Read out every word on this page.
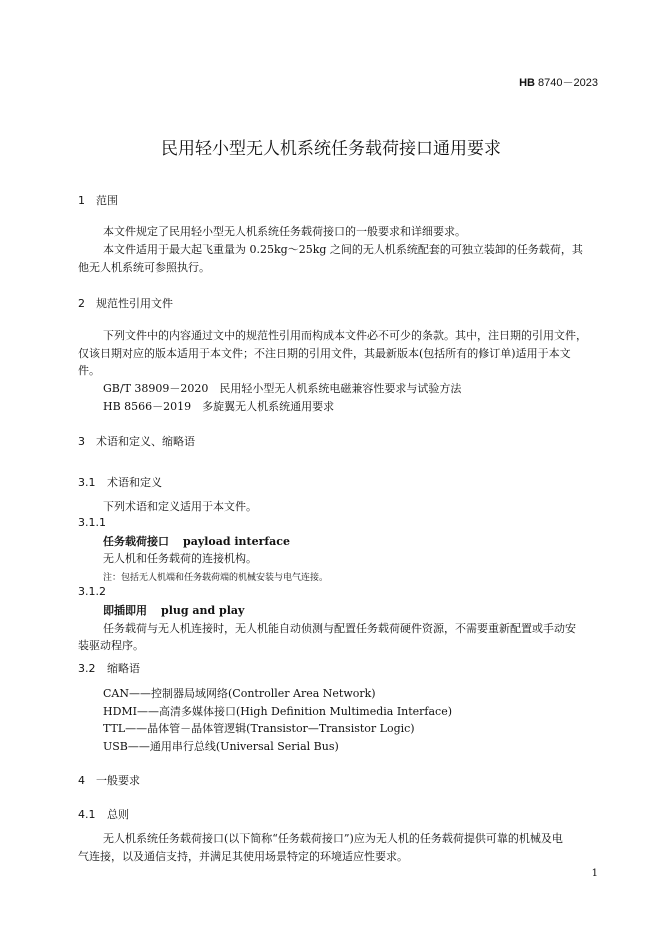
HB 8740－2023
民用轻小型无人机系统任务载荷接口通用要求
1 范围
本文件规定了民用轻小型无人机系统任务载荷接口的一般要求和详细要求。
本文件适用于最大起飞重量为 0.25kg～25kg 之间的无人机系统配套的可独立装卸的任务载荷，其
他无人机系统可参照执行。
2 规范性引用文件
下列文件中的内容通过文中的规范性引用而构成本文件必不可少的条款。其中，注日期的引用文件，
仅该日期对应的版本适用于本文件；不注日期的引用文件，其最新版本(包括所有的修订单)适用于本文
件。
GB/T 38909－2020　民用轻小型无人机系统电磁兼容性要求与试验方法
HB 8566－2019　多旋翼无人机系统通用要求
3 术语和定义、缩略语
3.1 术语和定义
下列术语和定义适用于本文件。
3.1.1
任务载荷接口 payload interface
无人机和任务载荷的连接机构。
注：包括无人机端和任务载荷端的机械安装与电气连接。
3.1.2
即插即用 plug and play
任务载荷与无人机连接时，无人机能自动侦测与配置任务载荷硬件资源，不需要重新配置或手动安
装驱动程序。
3.2 缩略语
CAN——控制器局域网络(Controller Area Network)
HDMI——高清多媒体接口(High Definition Multimedia Interface)
TTL——晶体管－晶体管逻辑(Transistor—Transistor Logic)
USB——通用串行总线(Universal Serial Bus)
4 一般要求
4.1 总则
无人机系统任务载荷接口(以下简称“任务载荷接口”)应为无人机的任务载荷提供可靠的机械及电
气连接，以及通信支持，并满足其使用场景特定的环境适应性要求。
1
